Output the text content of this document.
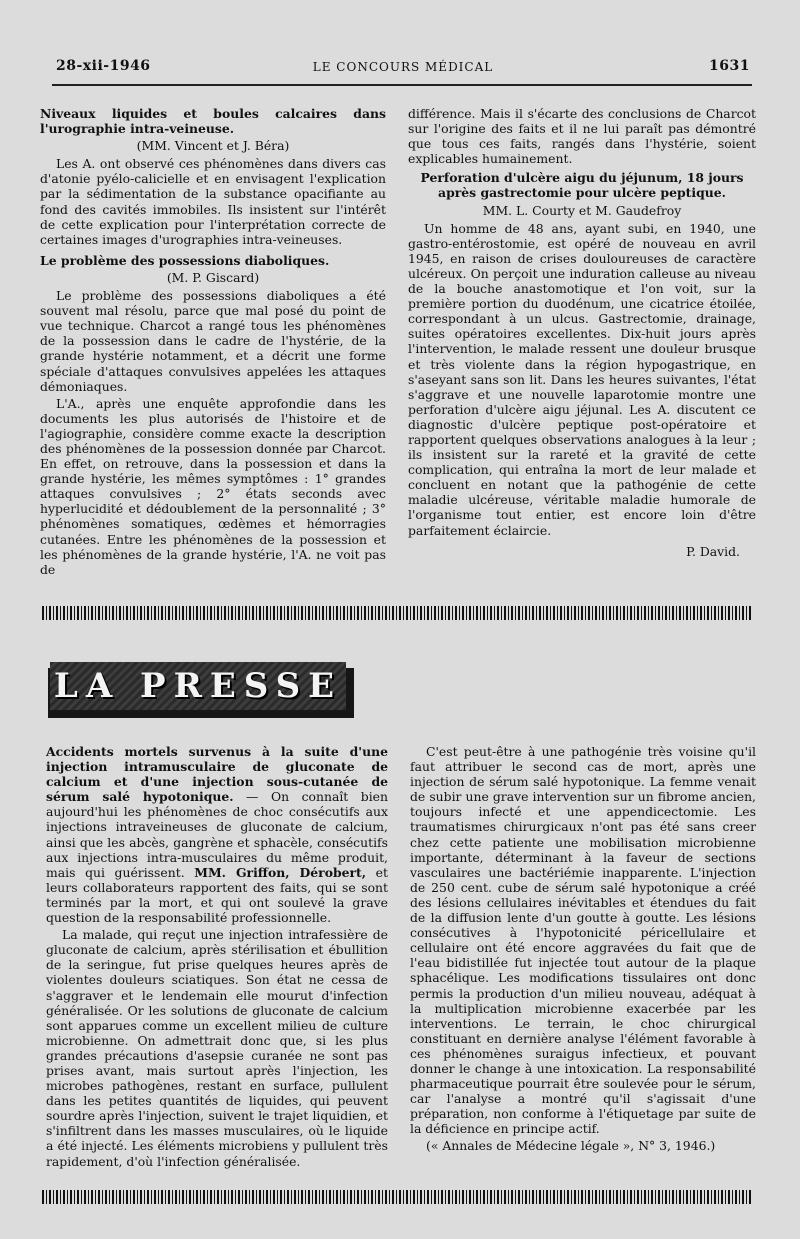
28-xii-1946	LE CONCOURS MÉDICAL	1631

Niveaux liquides et boules calcaires dans l'urographie intra-veineuse.

(MM. Vincent et J. Béra)

Les A. ont observé ces phénomènes dans divers cas d'atonie pyélo-calicielle et en envisagent l'explication par la sédimentation de la substance opacifiante au fond des cavités immobiles. Ils insistent sur l'intérêt de cette explication pour l'interprétation correcte de certaines images d'urographies intra-veineuses.

Le problème des possessions diaboliques.

(M. P. Giscard)

Le problème des possessions diaboliques a été souvent mal résolu, parce que mal posé du point de vue technique. Charcot a rangé tous les phénomènes de la possession dans le cadre de l'hystérie, de la grande hystérie notamment, et a décrit une forme spéciale d'attaques convulsives appelées les attaques démoniaques.

L'A., après une enquête approfondie dans les documents les plus autorisés de l'histoire et de l'agiographie, considère comme exacte la description des phénomènes de la possession donnée par Charcot. En effet, on retrouve, dans la possession et dans la grande hystérie, les mêmes symptômes : 1° grandes attaques convulsives ; 2° états seconds avec hyperlucidité et dédoublement de la personnalité ; 3° phénomènes somatiques, œdèmes et hémorragies cutanées. Entre les phénomènes de la possession et les phénomènes de la grande hystérie, l'A. ne voit pas de

différence. Mais il s'écarte des conclusions de Charcot sur l'origine des faits et il ne lui paraît pas démontré que tous ces faits, rangés dans l'hystérie, soient explicables humainement.

Perforation d'ulcère aigu du jéjunum, 18 jours après gastrectomie pour ulcère peptique.

MM. L. Courty et M. Gaudefroy

Un homme de 48 ans, ayant subi, en 1940, une gastro-entérostomie, est opéré de nouveau en avril 1945, en raison de crises douloureuses de caractère ulcéreux. On perçoit une induration calleuse au niveau de la bouche anastomotique et l'on voit, sur la première portion du duodénum, une cicatrice étoilée, correspondant à un ulcus. Gastrectomie, drainage, suites opératoires excellentes. Dix-huit jours après l'intervention, le malade ressent une douleur brusque et très violente dans la région hypogastrique, en s'aseyant sans son lit. Dans les heures suivantes, l'état s'aggrave et une nouvelle laparotomie montre une perforation d'ulcère aigu jéjunal. Les A. discutent ce diagnostic d'ulcère peptique post-opératoire et rapportent quelques observations analogues à la leur ; ils insistent sur la rareté et la gravité de cette complication, qui entraîna la mort de leur malade et concluent en notant que la pathogénie de cette maladie ulcéreuse, véritable maladie humorale de l'organisme tout entier, est encore loin d'être parfaitement éclaircie.

P. David.

LA PRESSE

Accidents mortels survenus à la suite d'une injection intramusculaire de gluconate de calcium et d'une injection sous-cutanée de sérum salé hypotonique. — On connaît bien aujourd'hui les phénomènes de choc consécutifs aux injections intraveineuses de gluconate de calcium, ainsi que les abcès, gangrène et sphacèle, consécutifs aux injections intra-musculaires du même produit, mais qui guérissent. MM. Griffon, Dérobert, et leurs collaborateurs rapportent des faits, qui se sont terminés par la mort, et qui ont soulevé la grave question de la responsabilité professionnelle.

La malade, qui reçut une injection intrafessière de gluconate de calcium, après stérilisation et ébullition de la seringue, fut prise quelques heures après de violentes douleurs sciatiques. Son état ne cessa de s'aggraver et le lendemain elle mourut d'infection généralisée. Or les solutions de gluconate de calcium sont apparues comme un excellent milieu de culture microbienne. On admettrait donc que, si les plus grandes précautions d'asepsie curanée ne sont pas prises avant, mais surtout après l'injection, les microbes pathogènes, restant en surface, pullulent dans les petites quantités de liquides, qui peuvent sourdre après l'injection, suivent le trajet liquidien, et s'infiltrent dans les masses musculaires, où le liquide a été injecté. Les éléments microbiens y pullulent très rapidement, d'où l'infection généralisée.

C'est peut-être à une pathogénie très voisine qu'il faut attribuer le second cas de mort, après une injection de sérum salé hypotonique. La femme venait de subir une grave intervention sur un fibrome ancien, toujours infecté et une appendicectomie. Les traumatismes chirurgicaux n'ont pas été sans creer chez cette patiente une mobilisation microbienne importante, déterminant à la faveur de sections vasculaires une bactériémie inapparente. L'injection de 250 cent. cube de sérum salé hypotonique a créé des lésions cellulaires inévitables et étendues du fait de la diffusion lente d'un goutte à goutte. Les lésions consécutives à l'hypotonicité péricellulaire et cellulaire ont été encore aggravées du fait que de l'eau bidistillée fut injectée tout autour de la plaque sphacélique. Les modifications tissulaires ont donc permis la production d'un milieu nouveau, adéquat à la multiplication microbienne exacerbée par les interventions. Le terrain, le choc chirurgical constituant en dernière analyse l'élément favorable à ces phénomènes suraigus infectieux, et pouvant donner le change à une intoxication. La responsabilité pharmaceutique pourrait être soulevée pour le sérum, car l'analyse a montré qu'il s'agissait d'une préparation, non conforme à l'étiquetage par suite de la déficience en principe actif.

(« Annales de Médecine légale », N° 3, 1946.)
